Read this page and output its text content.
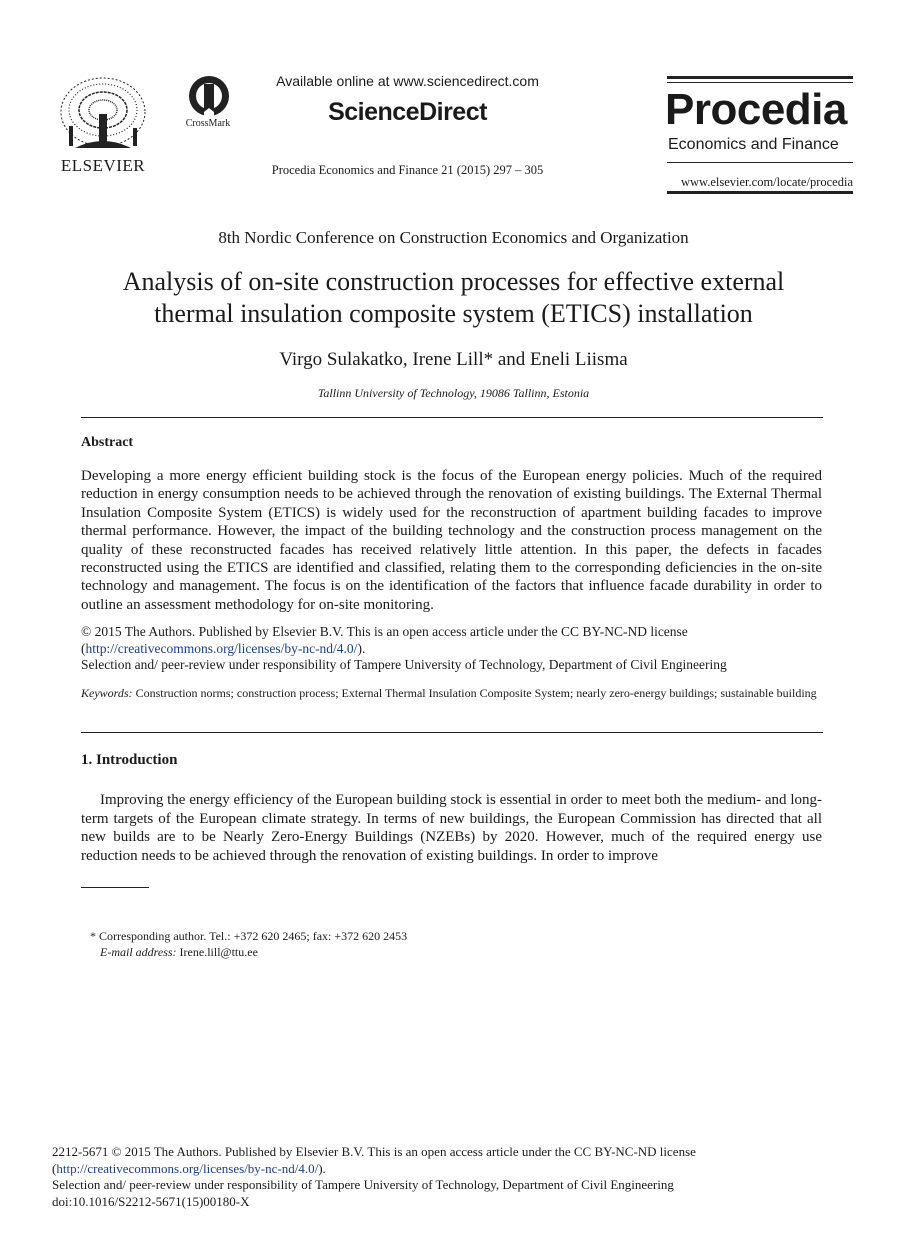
ELSEVIER
CrossMark
Available online at www.sciencedirect.com
ScienceDirect
Procedia Economics and Finance 21 (2015) 297 – 305
Procedia
Economics and Finance
www.elsevier.com/locate/procedia
8th Nordic Conference on Construction Economics and Organization
Analysis of on-site construction processes for effective external
thermal insulation composite system (ETICS) installation
Virgo Sulakatko, Irene Lill* and Eneli Liisma
Tallinn University of Technology, 19086 Tallinn, Estonia
Abstract
Developing a more energy efficient building stock is the focus of the European energy policies. Much of the required reduction in energy consumption needs to be achieved through the renovation of existing buildings. The External Thermal Insulation Composite System (ETICS) is widely used for the reconstruction of apartment building facades to improve thermal performance. However, the impact of the building technology and the construction process management on the quality of these reconstructed facades has received relatively little attention. In this paper, the defects in facades reconstructed using the ETICS are identified and classified, relating them to the corresponding deficiencies in the on-site technology and management. The focus is on the identification of the factors that influence facade durability in order to outline an assessment methodology for on-site monitoring.
© 2015 The Authors. Published by Elsevier B.V. This is an open access article under the CC BY-NC-ND license
(http://creativecommons.org/licenses/by-nc-nd/4.0/).
Selection and/ peer-review under responsibility of Tampere University of Technology, Department of Civil Engineering
Keywords: Construction norms; construction process; External Thermal Insulation Composite System; nearly zero-energy buildings; sustainable building
1. Introduction
Improving the energy efficiency of the European building stock is essential in order to meet both the medium- and long-term targets of the European climate strategy. In terms of new buildings, the European Commission has directed that all new builds are to be Nearly Zero-Energy Buildings (NZEBs) by 2020. However, much of the required energy use reduction needs to be achieved through the renovation of existing buildings. In order to improve
* Corresponding author. Tel.: +372 620 2465; fax: +372 620 2453
E-mail address: Irene.lill@ttu.ee
2212-5671 © 2015 The Authors. Published by Elsevier B.V. This is an open access article under the CC BY-NC-ND license
(http://creativecommons.org/licenses/by-nc-nd/4.0/).
Selection and/ peer-review under responsibility of Tampere University of Technology, Department of Civil Engineering
doi:10.1016/S2212-5671(15)00180-X
